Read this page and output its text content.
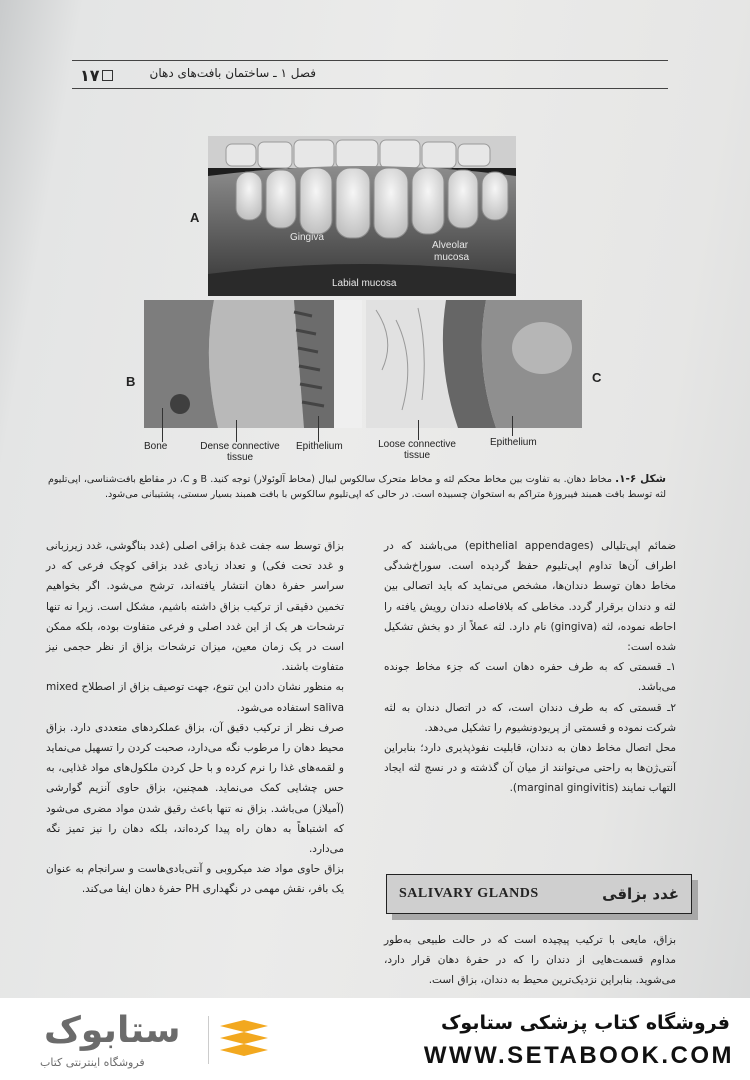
۱۷	فصل ۱ ـ ساختمان بافت‌های دهان
A
Gingiva
Alveolar
mucosa
Labial mucosa
B	C
Bone	Dense connective
tissue
Epithelium	Loose connective
tissue
Epithelium
شکل ۶-۱. مخاط دهان. به تفاوت بین مخاط محکم لثه و مخاط متحرک سالکوس لبیال (مخاط آلوئولار) توجه کنید. B و C، در مقاطع بافت‌شناسی، اپی‌تلیوم لثه توسط بافت همبند فیبروزهٔ متراکم به استخوان چسبیده است. در حالی که اپی‌تلیوم سالکوس با بافت همبند بسیار سستی، پشتیبانی می‌شود.

ضمائم اپی‌تلیالی (epithelial appendages) می‌باشند که در اطراف آن‌ها تداوم اپی‌تلیوم حفظ گردیده است. سوراخ‌شدگی مخاط دهان توسط دندان‌ها، مشخص می‌نماید که باید اتصالی بین لثه و دندان برقرار گردد. مخاطی که بلافاصله دندان رویش یافته را احاطه نموده، لثه (gingiva) نام دارد. لثه عملاً از دو بخش تشکیل شده است:

۱ـ قسمتی که به طرف حفره دهان است که جزء مخاط جونده می‌باشد.

۲ـ قسمتی که به طرف دندان است، که در اتصال دندان به لثه شرکت نموده و قسمتی از پریودونشیوم را تشکیل می‌دهد.

محل اتصال مخاط دهان به دندان، قابلیت نفوذپذیری دارد؛ بنابراین آنتی‌ژن‌ها به راحتی می‌توانند از میان آن گذشته و در نسج لثه ایجاد التهاب نمایند (marginal gingivitis).

SALIVARY GLANDS	غدد بزاقی

بزاق، مایعی با ترکیب پیچیده است که در حالت طبیعی به‌طور مداوم قسمت‌هایی از دندان را که در حفرهٔ دهان قرار دارد، می‌شوید. بنابراین نزدیک‌ترین محیط به دندان، بزاق است.

بزاق توسط سه جفت غدهٔ بزاقی اصلی (غدد بناگوشی، غدد زیرزبانی و غدد تحت فکی) و تعداد زیادی غدد بزاقی کوچک فرعی که در سراسر حفرهٔ دهان انتشار یافته‌اند، ترشح می‌شود. اگر بخواهیم تخمین دقیقی از ترکیب بزاق داشته باشیم، مشکل است. زیرا نه تنها ترشحات هر یک از این غدد اصلی و فرعی متفاوت بوده، بلکه ممکن است در یک زمان معین، میزان ترشحات بزاق از نظر حجمی نیز متفاوت باشند.

به منظور نشان دادن این تنوع، جهت توصیف بزاق از اصطلاح mixed saliva استفاده می‌شود.

صرف نظر از ترکیب دقیق آن، بزاق عملکردهای متعددی دارد. بزاق محیط دهان را مرطوب نگه می‌دارد، صحبت کردن را تسهیل می‌نماید و لقمه‌های غذا را نرم کرده و با حل کردن ملکول‌های مواد غذایی، به حس چشایی کمک می‌نماید. همچنین، بزاق حاوی آنزیم گوارشی (آمیلاز) می‌باشد. بزاق نه تنها باعث رقیق شدن مواد مضری می‌شود که اشتباهاً به دهان راه پیدا کرده‌اند، بلکه دهان را نیز تمیز نگه می‌دارد.

بزاق حاوی مواد ضد میکروبی و آنتی‌بادی‌هاست و سرانجام به عنوان یک بافر، نقش مهمی در نگهداری PH حفرهٔ دهان ایفا می‌کند.

ستابوک
فروشگاه اینترنتی کتاب
فروشگاه کتاب پزشکی ستابوک
WWW.SETABOOK.COM
